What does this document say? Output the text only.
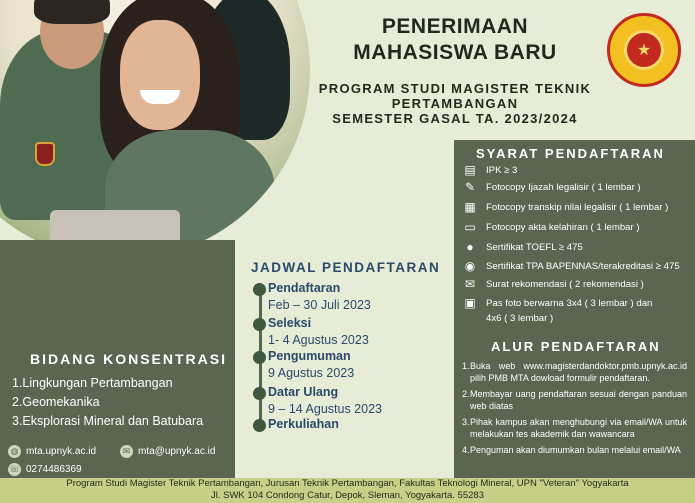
PENERIMAAN
MAHASISWA BARU
PROGRAM STUDI MAGISTER TEKNIK
PERTAMBANGAN
SEMESTER GASAL TA. 2023/2024
★
SYARAT PENDAFTARAN
▤ IPK ≥ 3
✎	Fotocopy Ijazah legalisir ( 1 lembar )
▦ Fotocopy transkip nilai legalisir ( 1 lembar )
▭ Fotocopy akta kelahiran ( 1 lembar )
●	Sertifikat TOEFL ≥ 475
◉ Sertifikat TPA BAPENNAS/terakreditasi ≥ 475
✉	Surat rekomendasi ( 2 rekomendasi )
▣ Pas foto berwarna 3x4 ( 3 lembar ) dan
4x6 ( 3 lembar )
ALUR PENDAFTARAN
1. Buka web www.magisterdandoktor.pmb.upnyk.ac.id pilih PMB MTA dowload formulir pendaftaran.
2. Membayar uang pendaftaran sesuai dengan panduan web diatas
3. Pihak kampus akan menghubungi via email/WA untuk melakukan tes akademik dan wawancara
4. Penguman akan diumumkan bulan melalui email/WA
JADWAL PENDAFTARAN
Pendaftaran
Feb – 30 Juli 2023
Seleksi
1- 4 Agustus 2023
Pengumuman
9 Agustus 2023
Datar Ulang
9 – 14 Agustus 2023
Perkuliahan
BIDANG KONSENTRASI
1.Lingkungan Pertambangan
2.Geomekanika
3.Eksplorasi Mineral dan Batubara
◍ mta.upnyk.ac.id	✉ mta@upnyk.ac.id
☏ 0274486369
Program Studi Magister Teknik Pertambangan, Jurusan Teknik Pertambangan, Fakultas Teknologi Mineral, UPN "Veteran" Yogyakarta
Jl. SWK 104 Condong Catur, Depok, Sleman, Yogyakarta. 55283
